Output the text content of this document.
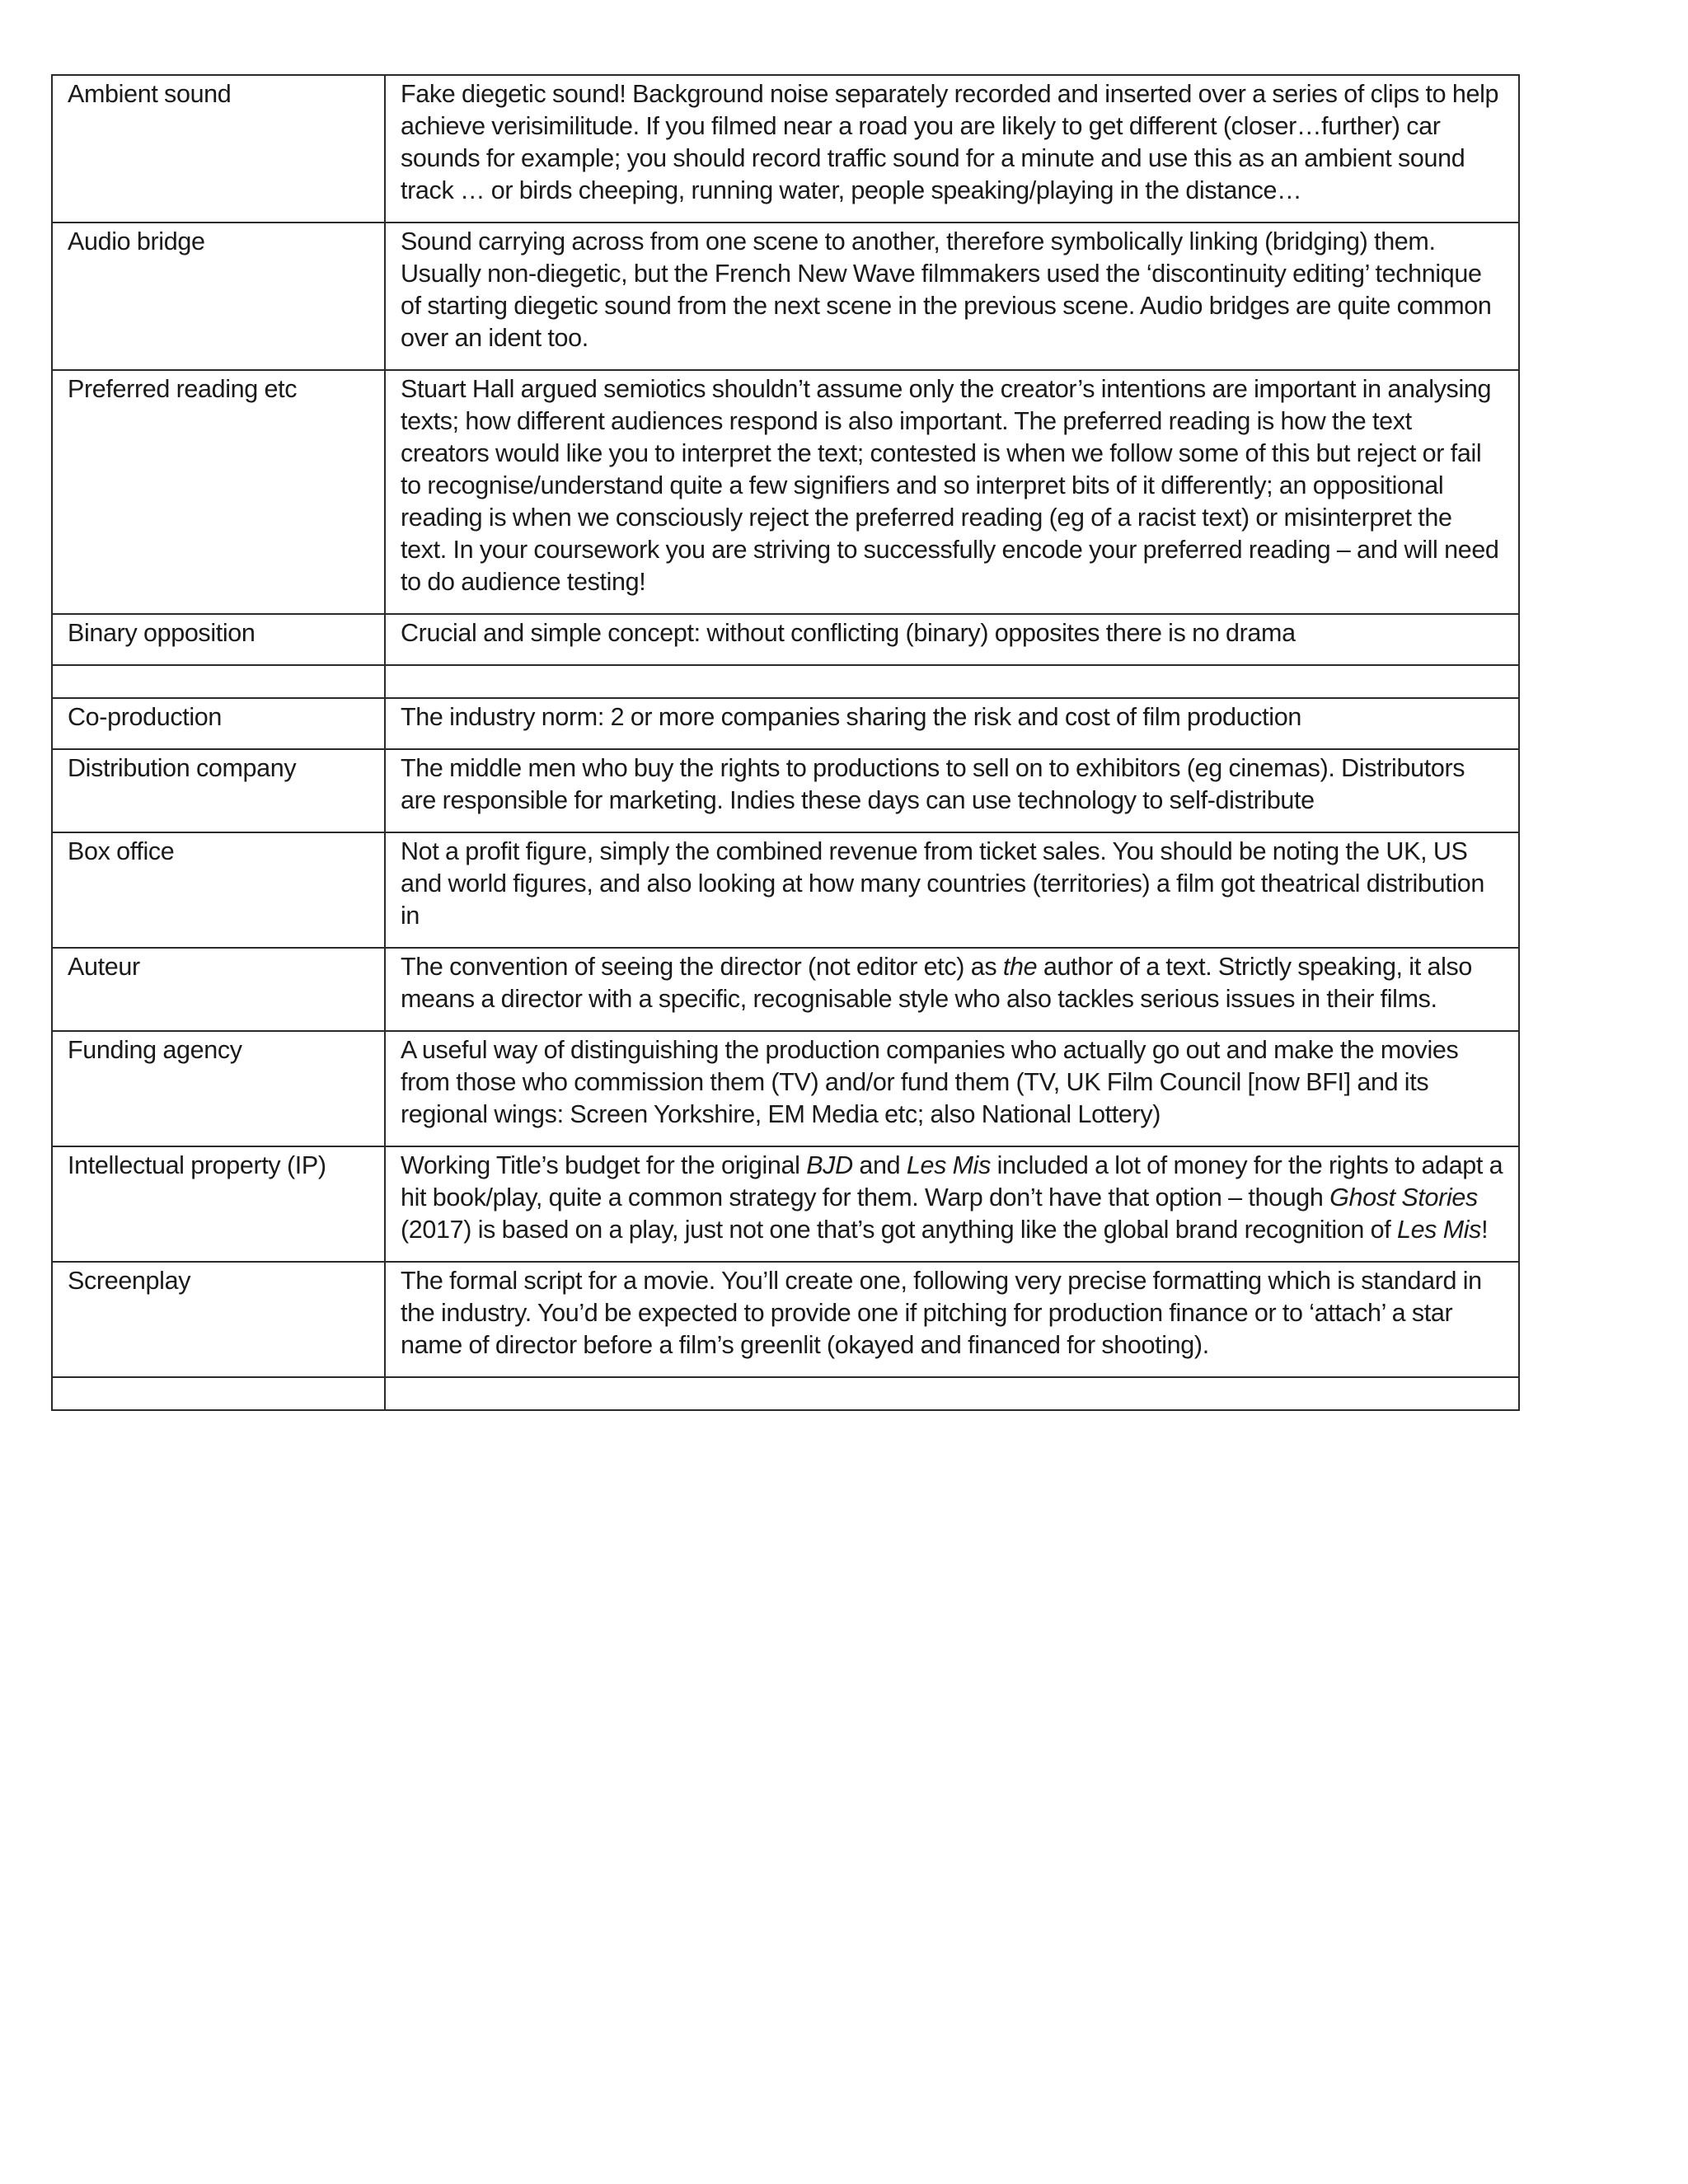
Ambient sound	Fake diegetic sound! Background noise separately recorded and inserted over a series of clips to help achieve verisimilitude. If you filmed near a road you are likely to get different (closer…further) car sounds for example; you should record traffic sound for a minute and use this as an ambient sound track … or birds cheeping, running water, people speaking/playing in the distance…
Audio bridge	Sound carrying across from one scene to another, therefore symbolically linking (bridging) them. Usually non-diegetic, but the French New Wave filmmakers used the ‘discontinuity editing’ technique of starting diegetic sound from the next scene in the previous scene. Audio bridges are quite common over an ident too.
Preferred reading etc	Stuart Hall argued semiotics shouldn’t assume only the creator’s intentions are important in analysing texts; how different audiences respond is also important. The preferred reading is how the text creators would like you to interpret the text; contested is when we follow some of this but reject or fail to recognise/understand quite a few signifiers and so interpret bits of it differently; an oppositional reading is when we consciously reject the preferred reading (eg of a racist text) or misinterpret the text. In your coursework you are striving to successfully encode your preferred reading – and will need to do audience testing!
Binary opposition	Crucial and simple concept: without conflicting (binary) opposites there is no drama

Co-production	The industry norm: 2 or more companies sharing the risk and cost of film production
Distribution company	The middle men who buy the rights to productions to sell on to exhibitors (eg cinemas). Distributors are responsible for marketing. Indies these days can use technology to self-distribute
Box office	Not a profit figure, simply the combined revenue from ticket sales. You should be noting the UK, US and world figures, and also looking at how many countries (territories) a film got theatrical distribution in
Auteur	The convention of seeing the director (not editor etc) as the author of a text. Strictly speaking, it also means a director with a specific, recognisable style who also tackles serious issues in their films.
Funding agency	A useful way of distinguishing the production companies who actually go out and make the movies from those who commission them (TV) and/or fund them (TV, UK Film Council [now BFI] and its regional wings: Screen Yorkshire, EM Media etc; also National Lottery)
Intellectual property (IP)	Working Title’s budget for the original BJD and Les Mis included a lot of money for the rights to adapt a hit book/play, quite a common strategy for them. Warp don’t have that option – though Ghost Stories (2017) is based on a play, just not one that’s got anything like the global brand recognition of Les Mis!
Screenplay	The formal script for a movie. You’ll create one, following very precise formatting which is standard in the industry. You’d be expected to provide one if pitching for production finance or to ‘attach’ a star name of director before a film’s greenlit (okayed and financed for shooting).
